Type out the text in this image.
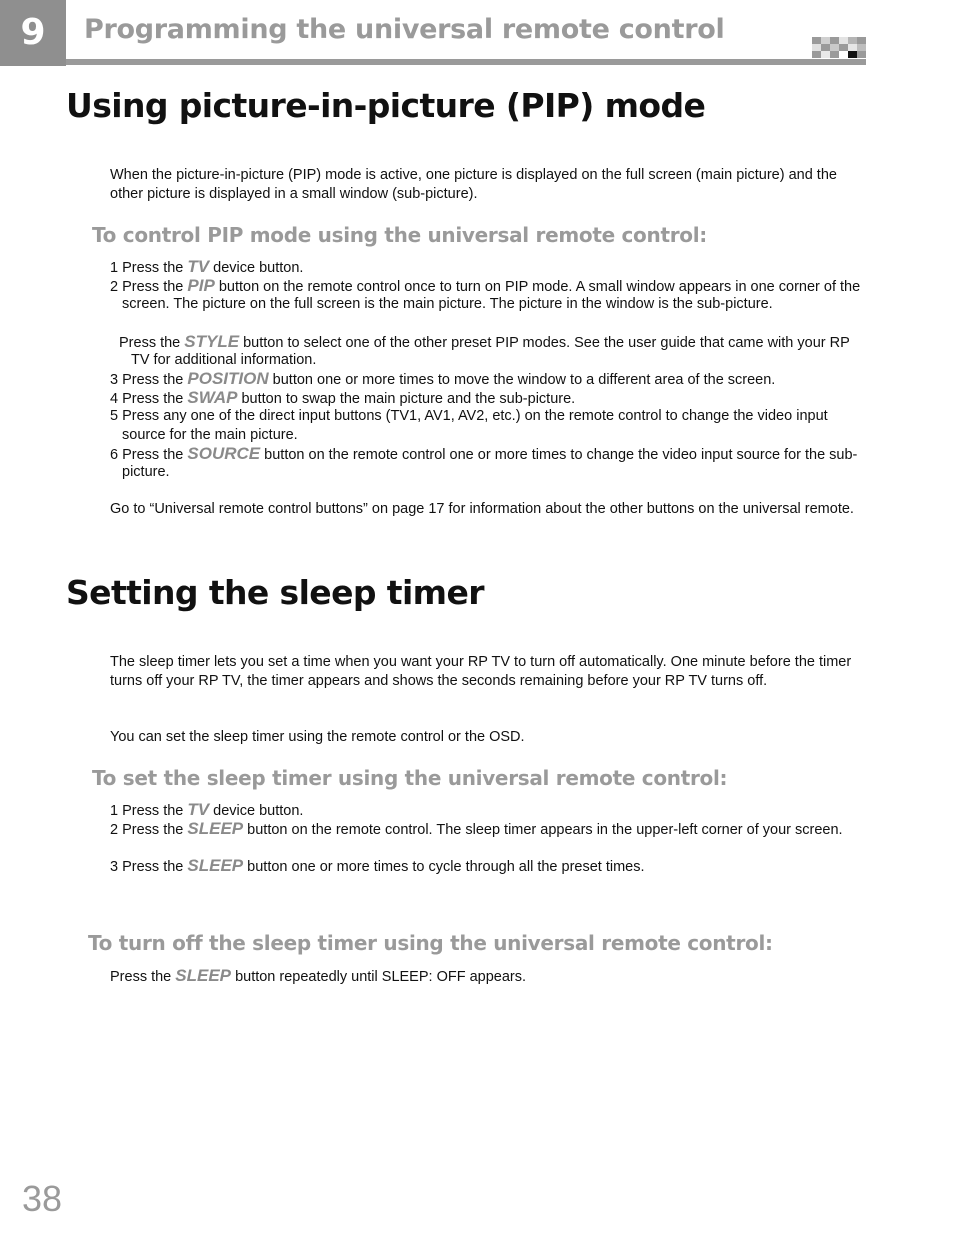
9	Programming the universal remote control
Using picture-in-picture (PIP) mode
When the picture-in-picture (PIP) mode is active, one picture is displayed on the full screen (main picture) and the other picture is displayed in a small window (sub-picture).
To control PIP mode using the universal remote control:
1 Press the TV device button.
2 Press the PIP button on the remote control once to turn on PIP mode. A small window appears in one corner of the screen. The picture on the full screen is the main picture. The picture in the window is the sub-picture.
Press the STYLE button to select one of the other preset PIP modes. See the user guide that came with your RP TV for additional information.
3 Press the POSITION button one or more times to move the window to a different area of the screen.
4 Press the SWAP button to swap the main picture and the sub-picture.
5 Press any one of the direct input buttons (TV1, AV1, AV2, etc.) on the remote control to change the video input source for the main picture.
6 Press the SOURCE button on the remote control one or more times to change the video input source for the sub-picture.
Go to “Universal remote control buttons” on page 17 for information about the other buttons on the universal remote.
Setting the sleep timer
The sleep timer lets you set a time when you want your RP TV to turn off automatically. One minute before the timer turns off your RP TV, the timer appears and shows the seconds remaining before your RP TV turns off.
You can set the sleep timer using the remote control or the OSD.
To set the sleep timer using the universal remote control:
1 Press the TV device button.
2 Press the SLEEP button on the remote control. The sleep timer appears in the upper-left corner of your screen.
3 Press the SLEEP button one or more times to cycle through all the preset times.
To turn off the sleep timer using the universal remote control:
Press the SLEEP button repeatedly until SLEEP: OFF appears.
38
